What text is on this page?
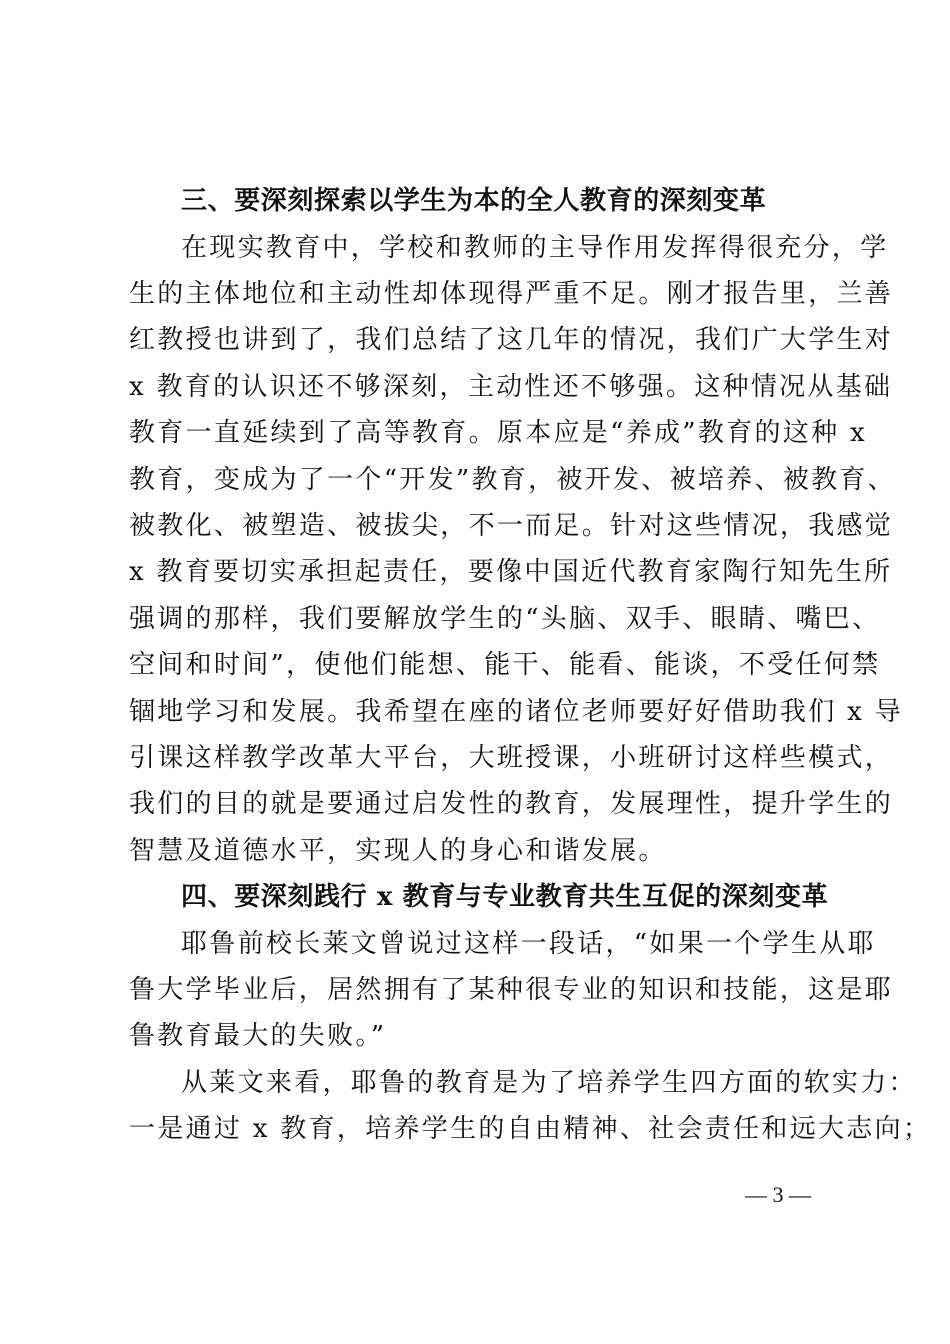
三、要深刻探索以学生为本的全人教育的深刻变革
在现实教育中，学校和教师的主导作用发挥得很充分，学
生的主体地位和主动性却体现得严重不足。刚才报告里，兰善
红教授也讲到了，我们总结了这几年的情况，我们广大学生对
x 教育的认识还不够深刻，主动性还不够强。这种情况从基础
教育一直延续到了高等教育。原本应是“养成”教育的这种 x
教育，变成为了一个“开发”教育，被开发、被培养、被教育、
被教化、被塑造、被拔尖，不一而足。针对这些情况，我感觉
x 教育要切实承担起责任，要像中国近代教育家陶行知先生所
强调的那样，我们要解放学生的“头脑、双手、眼睛、嘴巴、
空间和时间”，使他们能想、能干、能看、能谈，不受任何禁
锢地学习和发展。我希望在座的诸位老师要好好借助我们 x 导
引课这样教学改革大平台，大班授课，小班研讨这样些模式，
我们的目的就是要通过启发性的教育，发展理性，提升学生的
智慧及道德水平，实现人的身心和谐发展。
四、要深刻践行 x 教育与专业教育共生互促的深刻变革
耶鲁前校长莱文曾说过这样一段话，“如果一个学生从耶
鲁大学毕业后，居然拥有了某种很专业的知识和技能，这是耶
鲁教育最大的失败。”
从莱文来看，耶鲁的教育是为了培养学生四方面的软实力：
一是通过 x 教育，培养学生的自由精神、社会责任和远大志向；
— 3 —
